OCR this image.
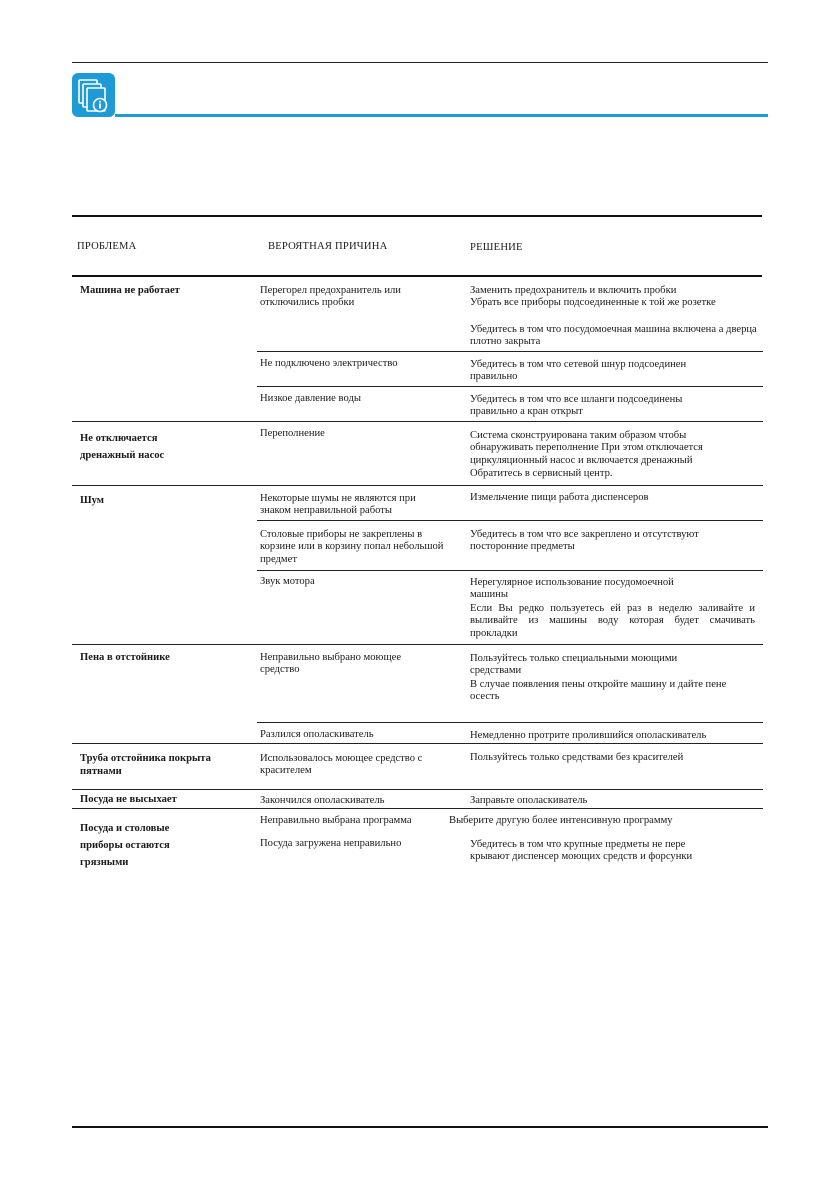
ПРОБЛЕМА	ВЕРОЯТНАЯ ПРИЧИНА	РЕШЕНИЕ
Машина не работает
Не отключается дренажный насос
Шум
Пена в отстойнике
Труба отстойника покрыта пятнами
Посуда не высыхает
Посуда и столовые приборы остаются грязными
Перегорел предохранитель или отключились пробки
Не подключено электричество
Низкое давление воды
Переполнение
Некоторые шумы не являются при знаком неправильной работы
Столовые приборы не закреплены в корзине или в корзину попал небольшой предмет
Звук мотора
Неправильно выбрано моющее средство
Разлился ополаскиватель
Использовалось моющее средство с красителем
Закончился ополаскиватель
Неправильно выбрана программа
Посуда загружена неправильно
Заменить предохранитель и включить пробки
Убрать все приборы подсоединенные к той же розетке
Убедитесь в том что посудомоечная машина включена а дверца плотно закрыта
Убедитесь в том что сетевой шнур подсоединен правильно
Убедитесь в том что все шланги подсоединены правильно а кран открыт
Система сконструирована таким образом чтобы обнаруживать переполнение При этом отключается циркуляционный насос и включается дренажный
Обратитесь в сервисный центр.
Измельчение пищи работа диспенсеров
Убедитесь в том что все закреплено и отсутствуют посторонние предметы
Нерегулярное использование посудомоечной машины
Если Вы редко пользуетесь ей раз в неделю заливайте и выливайте из машины воду которая будет смачивать прокладки
Пользуйтесь только специальными моющими средствами
В случае появления пены откройте машину и дайте пене осесть
Немедленно протрите пролившийся ополаскиватель
Пользуйтесь только средствами без красителей
Заправьте ополаскиватель
Выберите другую более интенсивную программу
Убедитесь в том что крупные предметы не пере крывают диспенсер моющих средств и форсунки
